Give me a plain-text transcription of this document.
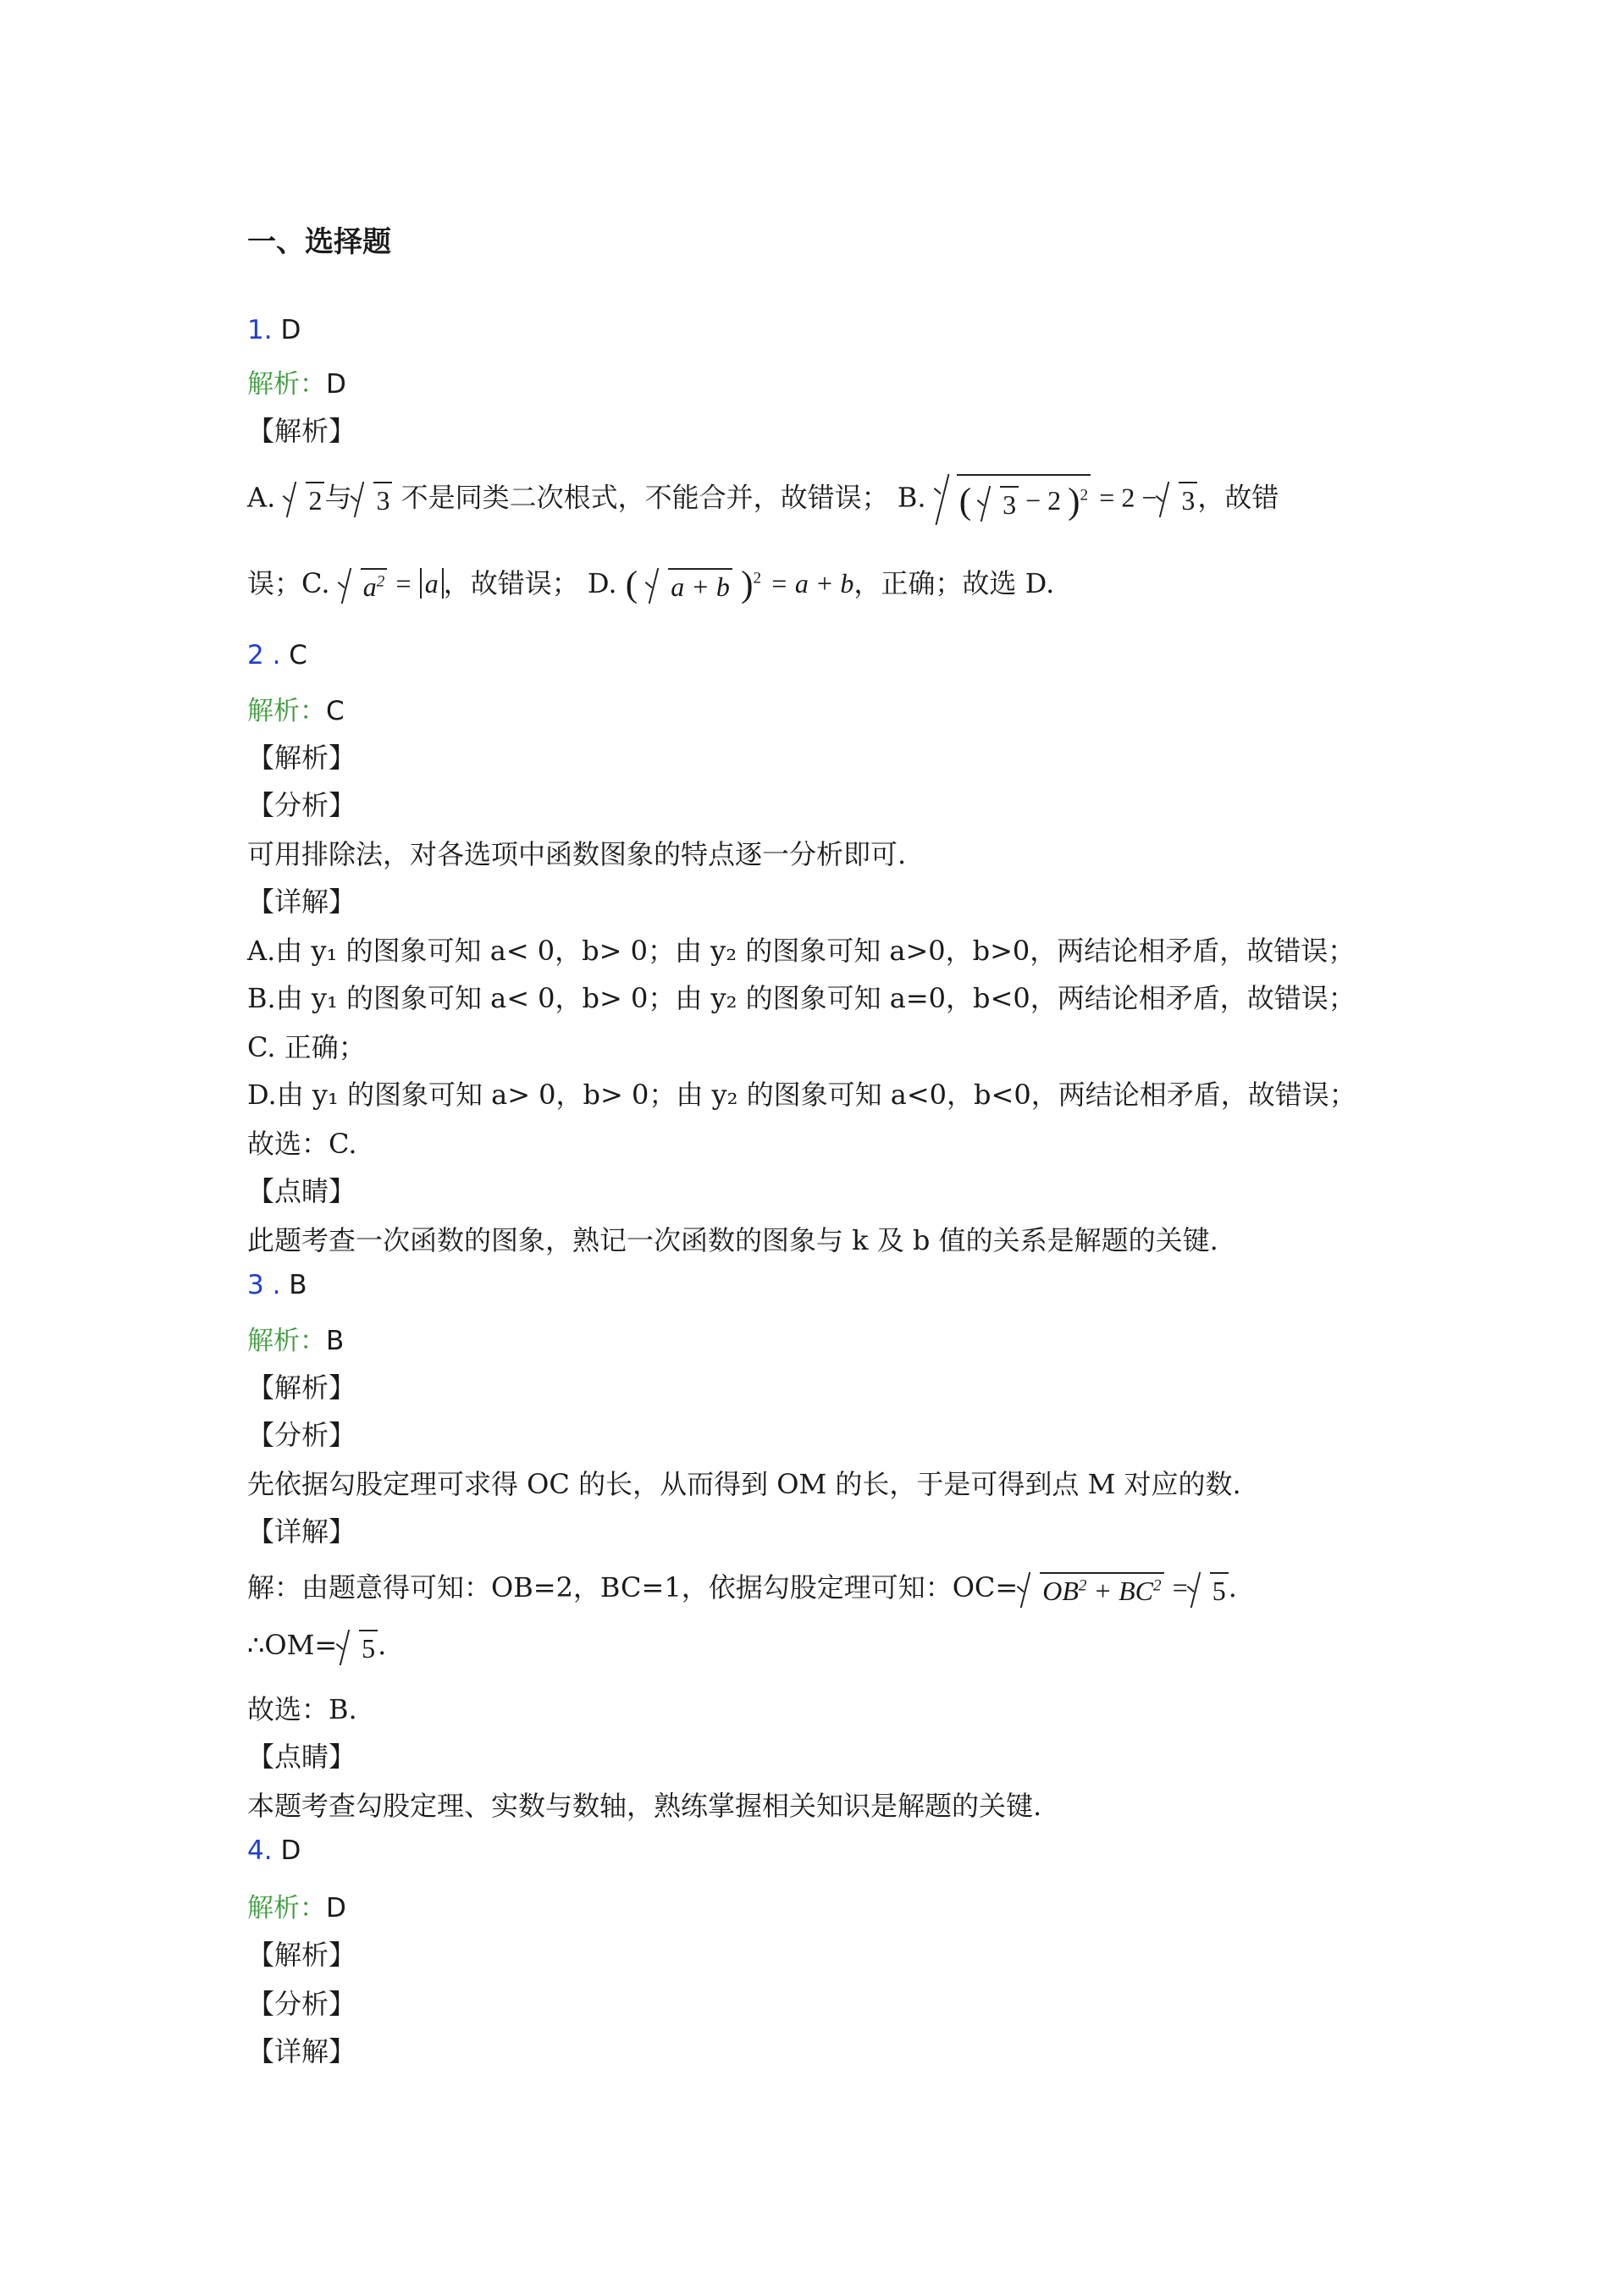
一、选择题
1. D
解析：D
【解析】
A. 2与 3 不是同类二次根式，不能合并，故错误； B. ( 3 − 2 )$^2$ = 2 − 3，故错
误；C. $a^2 = a$ ，故错误； D. ( a + b )$^2$ = a + b，正确；故选 D.
2 . C
解析：C
【解析】
【分析】
可用排除法，对各选项中函数图象的特点逐一分析即可.
【详解】
A.由 y₁ 的图象可知 a< 0，b> 0；由 y₂ 的图象可知 a>0，b>0，两结论相矛盾，故错误；
B.由 y₁ 的图象可知 a< 0，b> 0；由 y₂ 的图象可知 a=0，b<0，两结论相矛盾，故错误；
C. 正确；
D.由 y₁ 的图象可知 a> 0，b> 0；由 y₂ 的图象可知 a<0，b<0，两结论相矛盾，故错误；
故选：C.
【点睛】
此题考查一次函数的图象，熟记一次函数的图象与 k 及 b 值的关系是解题的关键.
3 . B
解析：B
【解析】
【分析】
先依据勾股定理可求得 OC 的长，从而得到 OM 的长，于是可得到点 M 对应的数.
【详解】
解：由题意得可知：OB=2，BC=1，依据勾股定理可知：$OC= OB^2 + BC^2 = 5$.
∴OM= 5.
故选：B.
【点睛】
本题考查勾股定理、实数与数轴，熟练掌握相关知识是解题的关键.
4. D
解析：D
【解析】
【分析】
【详解】
